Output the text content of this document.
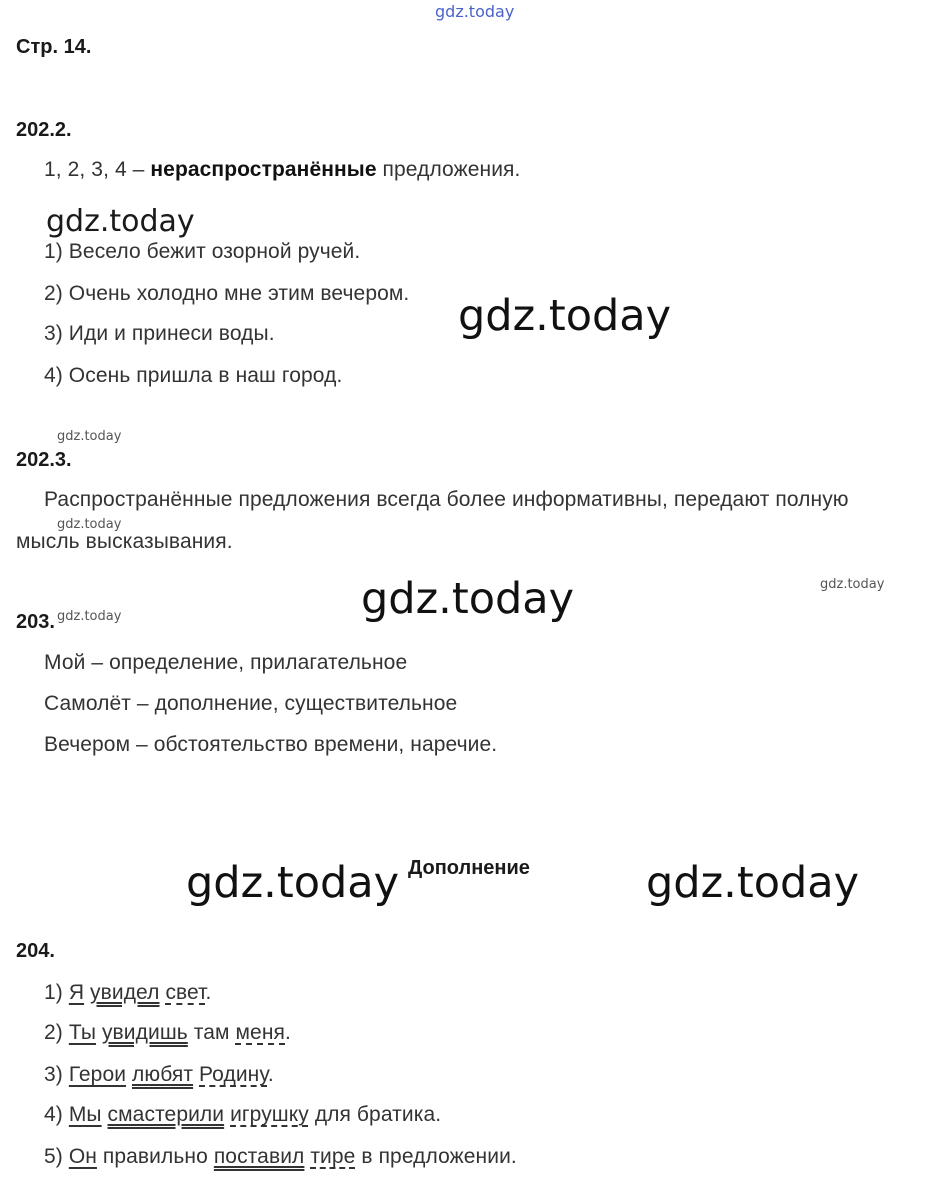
gdz.today
Стр. 14.
202.2.
1, 2, 3, 4 – нераспространённые предложения.
gdz.today
1) Весело бежит озорной ручей.
2) Очень холодно мне этим вечером. gdz.today
3) Иди и принеси воды.
4) Осень пришла в наш город.
gdz.today
202.3.
Распространённые предложения всегда более информативны, передают полную
gdz.today
мысль высказывания.
gdz.today	gdz.today
203. gdz.today
Мой – определение, прилагательное
Самолёт – дополнение, существительное
Вечером – обстоятельство времени, наречие.
gdz.today Дополнение	gdz.today
204.
1) Я увидел свет.
2) Ты увидишь там меня.
3) Герои любят Родину.
4) Мы смастерили игрушку для братика.
5) Он правильно поставил тире в предложении.
